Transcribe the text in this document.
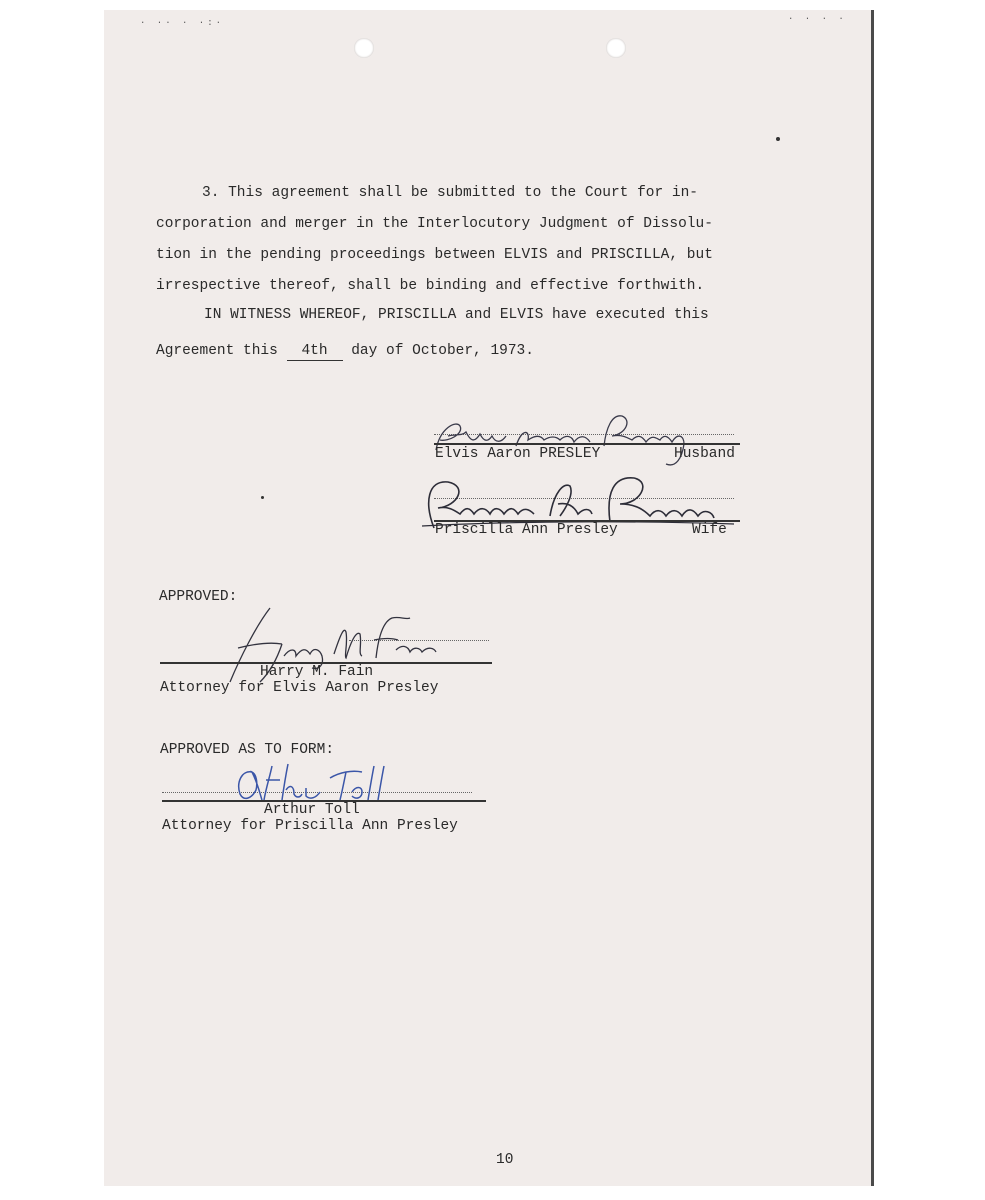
· ·· · ·:·	· · · ·
3. This agreement shall be submitted to the Court for in-
corporation and merger in the Interlocutory Judgment of Dissolu-
tion in the pending proceedings between ELVIS and PRISCILLA, but
irrespective thereof, shall be binding and effective forthwith.
IN WITNESS WHEREOF, PRISCILLA and ELVIS have executed this
Agreement this 4th day of October, 1973.
Elvis Aaron PRESLEY	Husband
Priscilla Ann Presley	Wife
APPROVED:
Harry M. Fain
Attorney for Elvis Aaron Presley
APPROVED AS TO FORM:
Arthur Toll
Attorney for Priscilla Ann Presley
10
